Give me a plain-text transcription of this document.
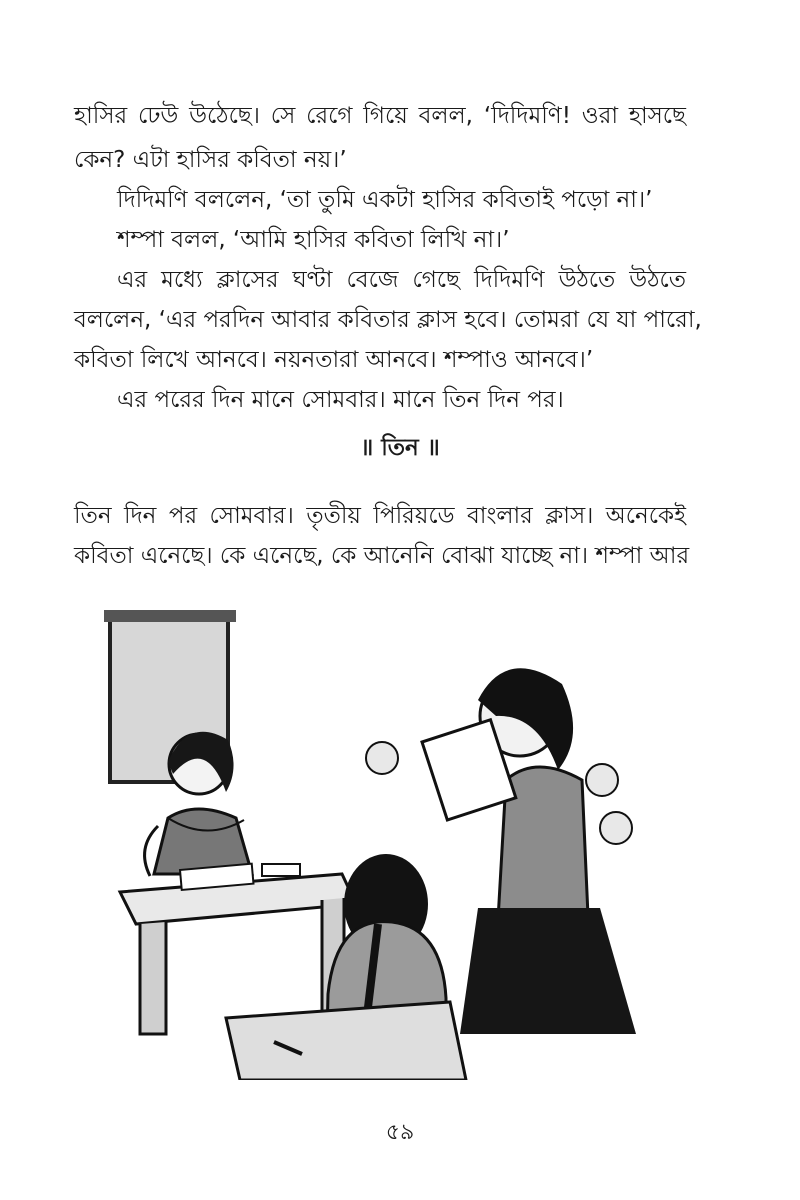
হাসির ঢেউ উঠেছে। সে রেগে গিয়ে বলল, ‘দিদিমণি! ওরা হাসছে
কেন? এটা হাসির কবিতা নয়।’
দিদিমণি বললেন, ‘তা তুমি একটা হাসির কবিতাই পড়ো না।’
শম্পা বলল, ‘আমি হাসির কবিতা লিখি না।’
এর মধ্যে ক্লাসের ঘণ্টা বেজে গেছে দিদিমণি উঠতে উঠতে
বললেন, ‘এর পরদিন আবার কবিতার ক্লাস হবে। তোমরা যে যা পারো,
কবিতা লিখে আনবে। নয়নতারা আনবে। শম্পাও আনবে।’
এর পরের দিন মানে সোমবার। মানে তিন দিন পর।
॥ তিন ॥
তিন দিন পর সোমবার। তৃতীয় পিরিয়ডে বাংলার ক্লাস। অনেকেই
কবিতা এনেছে। কে এনেছে, কে আনেনি বোঝা যাচ্ছে না। শম্পা আর
৫৯
